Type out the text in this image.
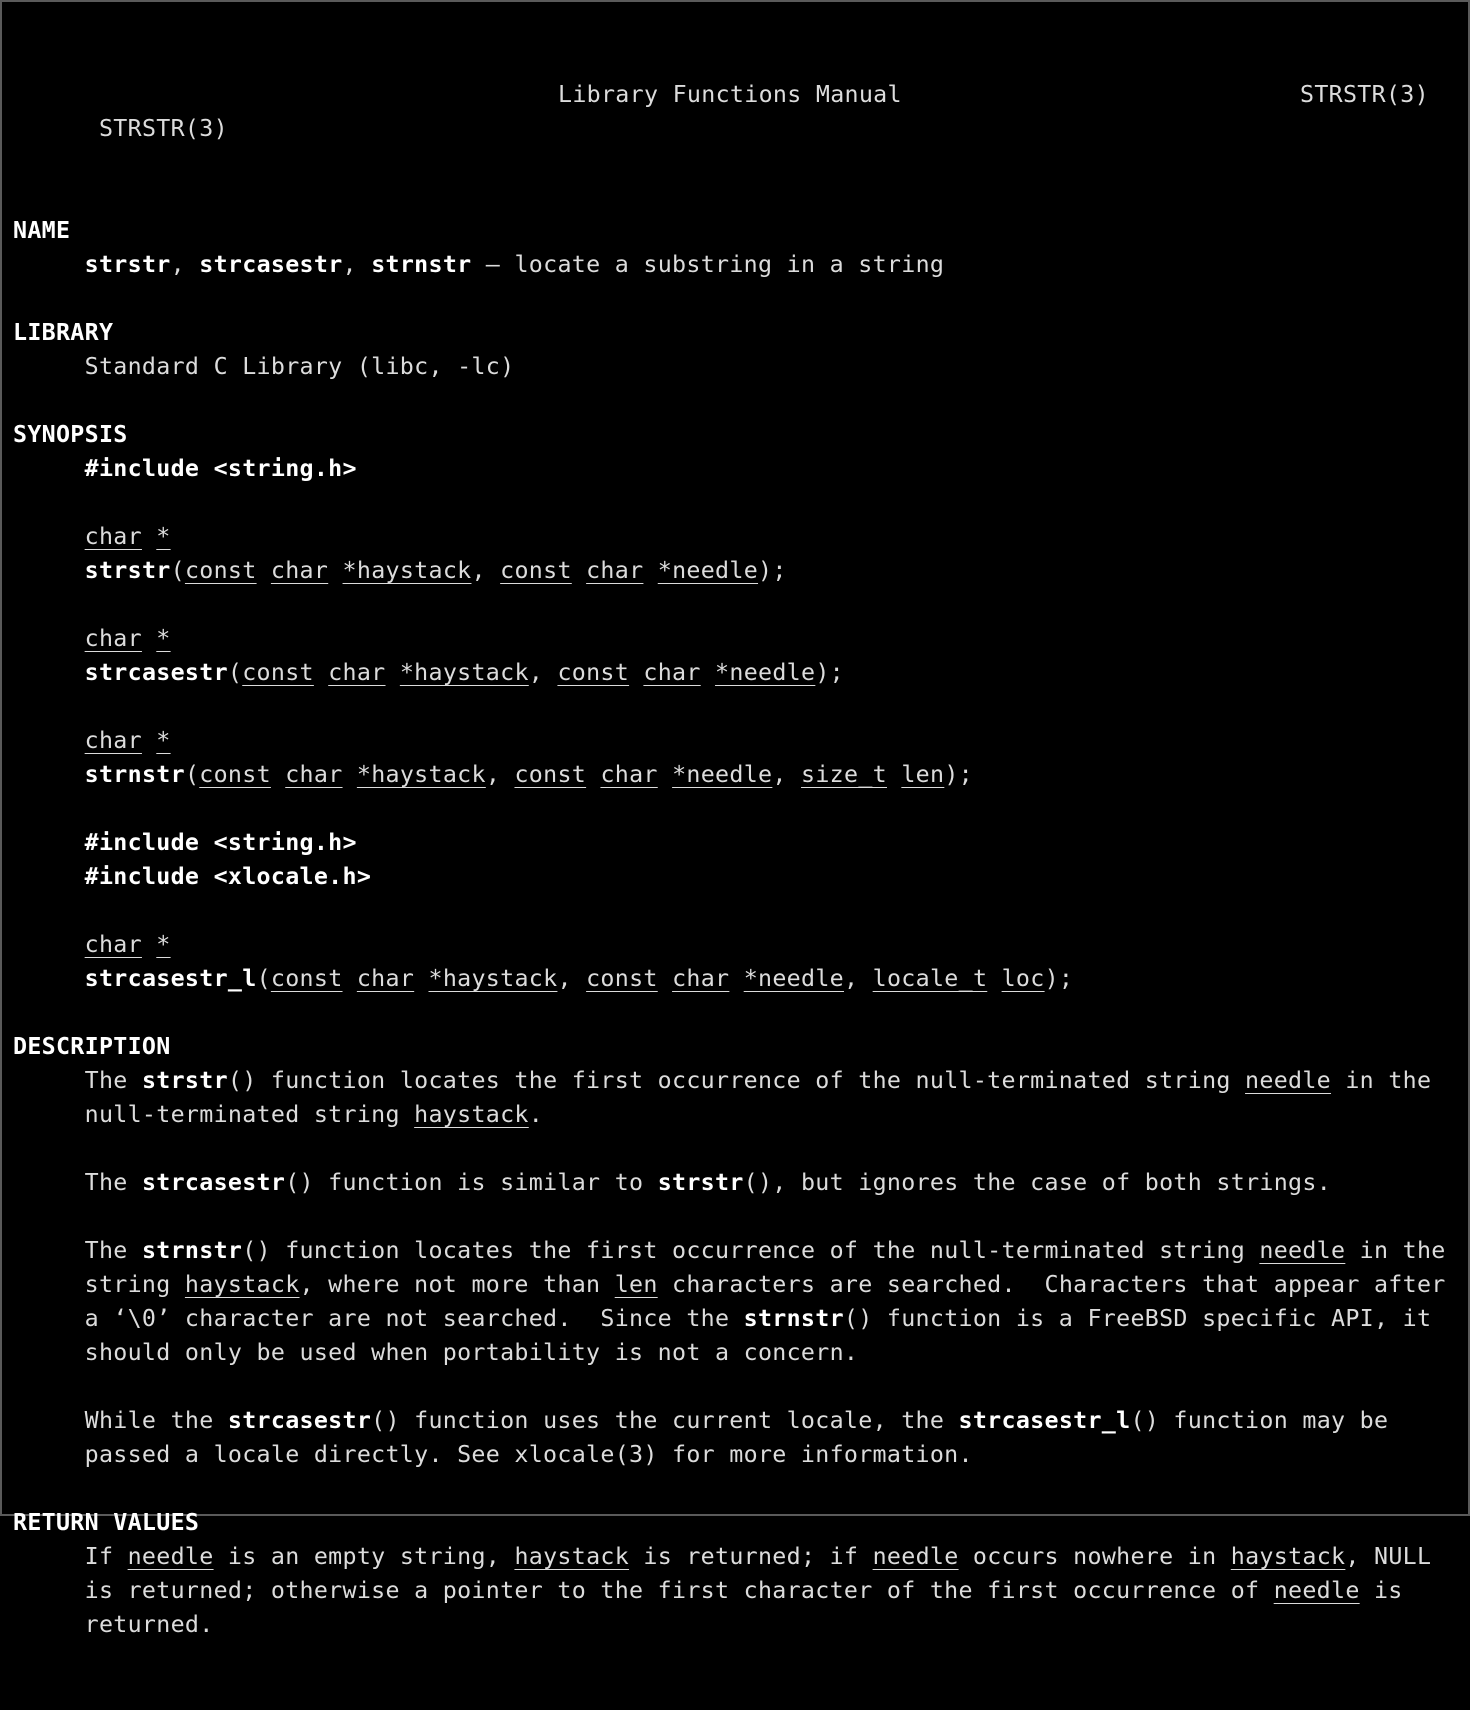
STRSTR(3)

Library Functions Manual

	STRSTR(3)

NAME
strstr, strcasestr, strnstr – locate a substring in a string
LIBRARY
Standard C Library (libc, -lc)
SYNOPSIS
#include <string.h>
char *
strstr(const char *haystack, const char *needle);
char *
strcasestr(const char *haystack, const char *needle);
char *
strnstr(const char *haystack, const char *needle, size_t len);
#include <string.h>
#include <xlocale.h>
char *
strcasestr_l(const char *haystack, const char *needle, locale_t loc);
DESCRIPTION
The strstr() function locates the first occurrence of the null-terminated string needle in the
null-terminated string haystack.
The strcasestr() function is similar to strstr(), but ignores the case of both strings.
The strnstr() function locates the first occurrence of the null-terminated string needle in the
string haystack, where not more than len characters are searched.  Characters that appear after
a ‘\0’ character are not searched.  Since the strnstr() function is a FreeBSD specific API, it
should only be used when portability is not a concern.
While the strcasestr() function uses the current locale, the strcasestr_l() function may be
passed a locale directly. See xlocale(3) for more information.
RETURN VALUES
If needle is an empty string, haystack is returned; if needle occurs nowhere in haystack, NULL
is returned; otherwise a pointer to the first character of the first occurrence of needle is
returned.
